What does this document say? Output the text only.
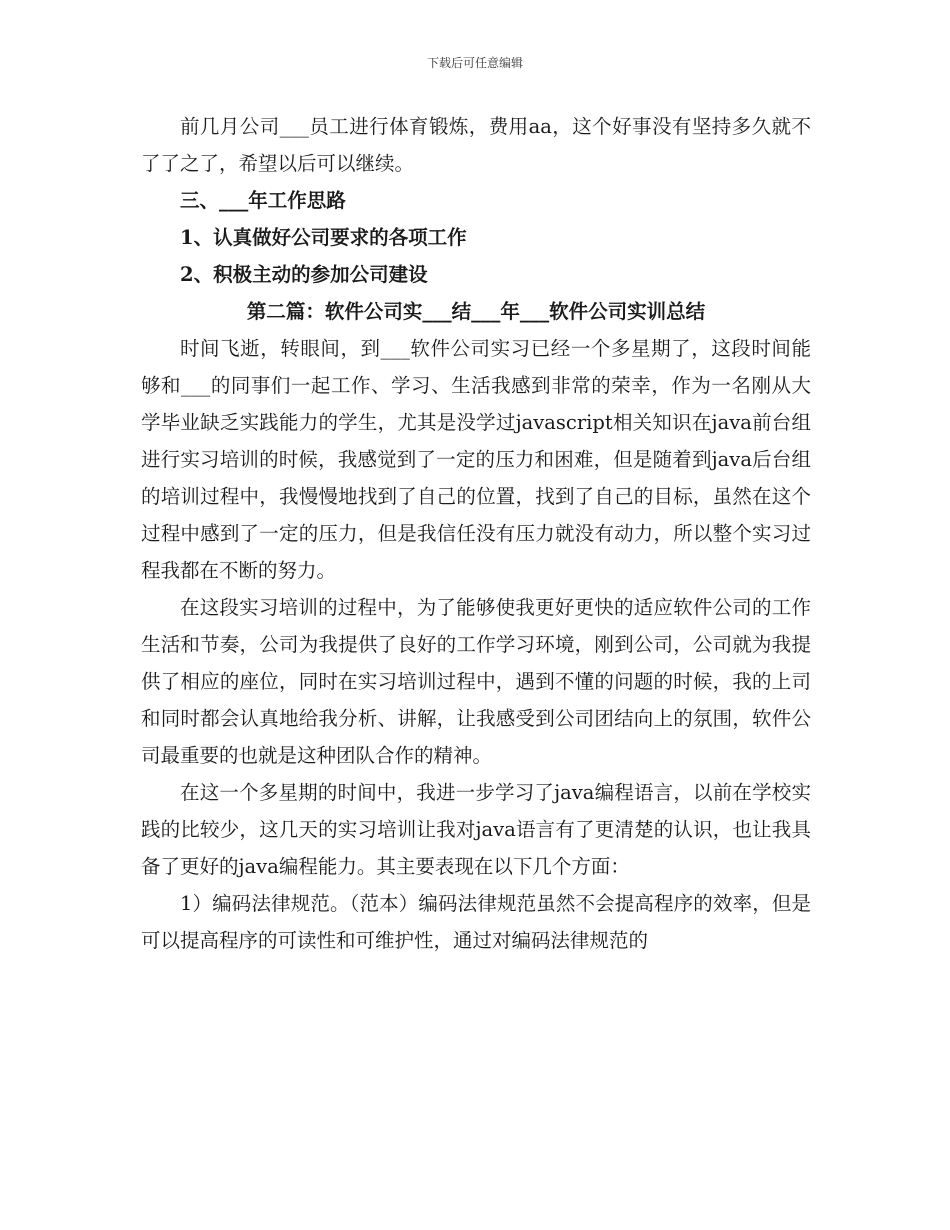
下载后可任意编辑

前几月公司___员工进行体育锻炼，费用aa，这个好事没有坚持多久就不了了之了，希望以后可以继续。

三、___年工作思路

1、认真做好公司要求的各项工作

2、积极主动的参加公司建设

第二篇：软件公司实___结___年___软件公司实训总结

时间飞逝，转眼间，到___软件公司实习已经一个多星期了，这段时间能够和___的同事们一起工作、学习、生活我感到非常的荣幸，作为一名刚从大学毕业缺乏实践能力的学生，尤其是没学过javascript相关知识在java前台组进行实习培训的时候，我感觉到了一定的压力和困难，但是随着到java后台组的培训过程中，我慢慢地找到了自己的位置，找到了自己的目标，虽然在这个过程中感到了一定的压力，但是我信任没有压力就没有动力，所以整个实习过程我都在不断的努力。

在这段实习培训的过程中，为了能够使我更好更快的适应软件公司的工作生活和节奏，公司为我提供了良好的工作学习环境，刚到公司，公司就为我提供了相应的座位，同时在实习培训过程中，遇到不懂的问题的时候，我的上司和同时都会认真地给我分析、讲解，让我感受到公司团结向上的氛围，软件公司最重要的也就是这种团队合作的精神。

在这一个多星期的时间中，我进一步学习了java编程语言，以前在学校实践的比较少，这几天的实习培训让我对java语言有了更清楚的认识，也让我具备了更好的java编程能力。其主要表现在以下几个方面：

1）编码法律规范。（范本）编码法律规范虽然不会提高程序的效率，但是可以提高程序的可读性和可维护性，通过对编码法律规范的
